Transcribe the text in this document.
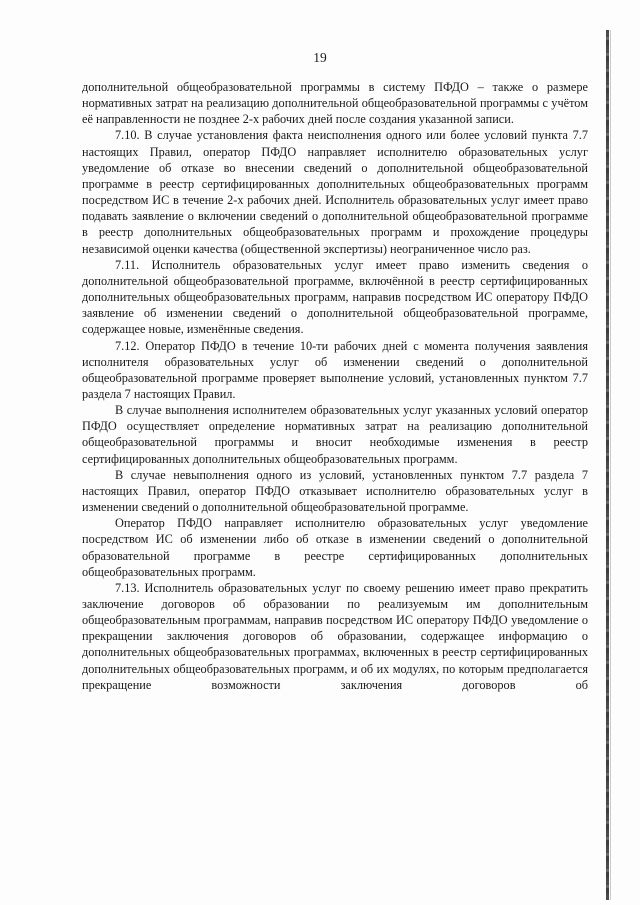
19

дополнительной общеобразовательной программы в систему ПФДО – также о размере нормативных затрат на реализацию дополнительной общеобразовательной программы с учётом её направленности не позднее 2-х рабочих дней после создания указанной записи.

7.10. В случае установления факта неисполнения одного или более условий пункта 7.7 настоящих Правил, оператор ПФДО направляет исполнителю образовательных услуг уведомление об отказе во внесении сведений о дополнительной общеобразовательной программе в реестр сертифицированных дополнительных общеобразовательных программ посредством ИС в течение 2-х рабочих дней. Исполнитель образовательных услуг имеет право подавать заявление о включении сведений о дополнительной общеобразовательной программе в реестр дополнительных общеобразовательных программ и прохождение процедуры независимой оценки качества (общественной экспертизы) неограниченное число раз.

7.11. Исполнитель образовательных услуг имеет право изменить сведения о дополнительной общеобразовательной программе, включённой в реестр сертифицированных дополнительных общеобразовательных программ, направив посредством ИС оператору ПФДО заявление об изменении сведений о дополнительной общеобразовательной программе, содержащее новые, изменённые сведения.

7.12. Оператор ПФДО в течение 10-ти рабочих дней с момента получения заявления исполнителя образовательных услуг об изменении сведений о дополнительной общеобразовательной программе проверяет выполнение условий, установленных пунктом 7.7 раздела 7 настоящих Правил.

В случае выполнения исполнителем образовательных услуг указанных условий оператор ПФДО осуществляет определение нормативных затрат на реализацию дополнительной общеобразовательной программы и вносит необходимые изменения в реестр сертифицированных дополнительных общеобразовательных программ.

В случае невыполнения одного из условий, установленных пунктом 7.7 раздела 7 настоящих Правил, оператор ПФДО отказывает исполнителю образовательных услуг в изменении сведений о дополнительной общеобразовательной программе.

Оператор ПФДО направляет исполнителю образовательных услуг уведомление посредством ИС об изменении либо об отказе в изменении сведений о дополнительной образовательной программе в реестре сертифицированных дополнительных общеобразовательных программ.

7.13. Исполнитель образовательных услуг по своему решению имеет право прекратить заключение договоров об образовании по реализуемым им дополнительным общеобразовательным программам, направив посредством ИС оператору ПФДО уведомление о прекращении заключения договоров об образовании, содержащее информацию о дополнительных общеобразовательных программах, включенных в реестр сертифицированных дополнительных общеобразовательных программ, и об их модулях, по которым предполагается прекращение возможности заключения договоров об
